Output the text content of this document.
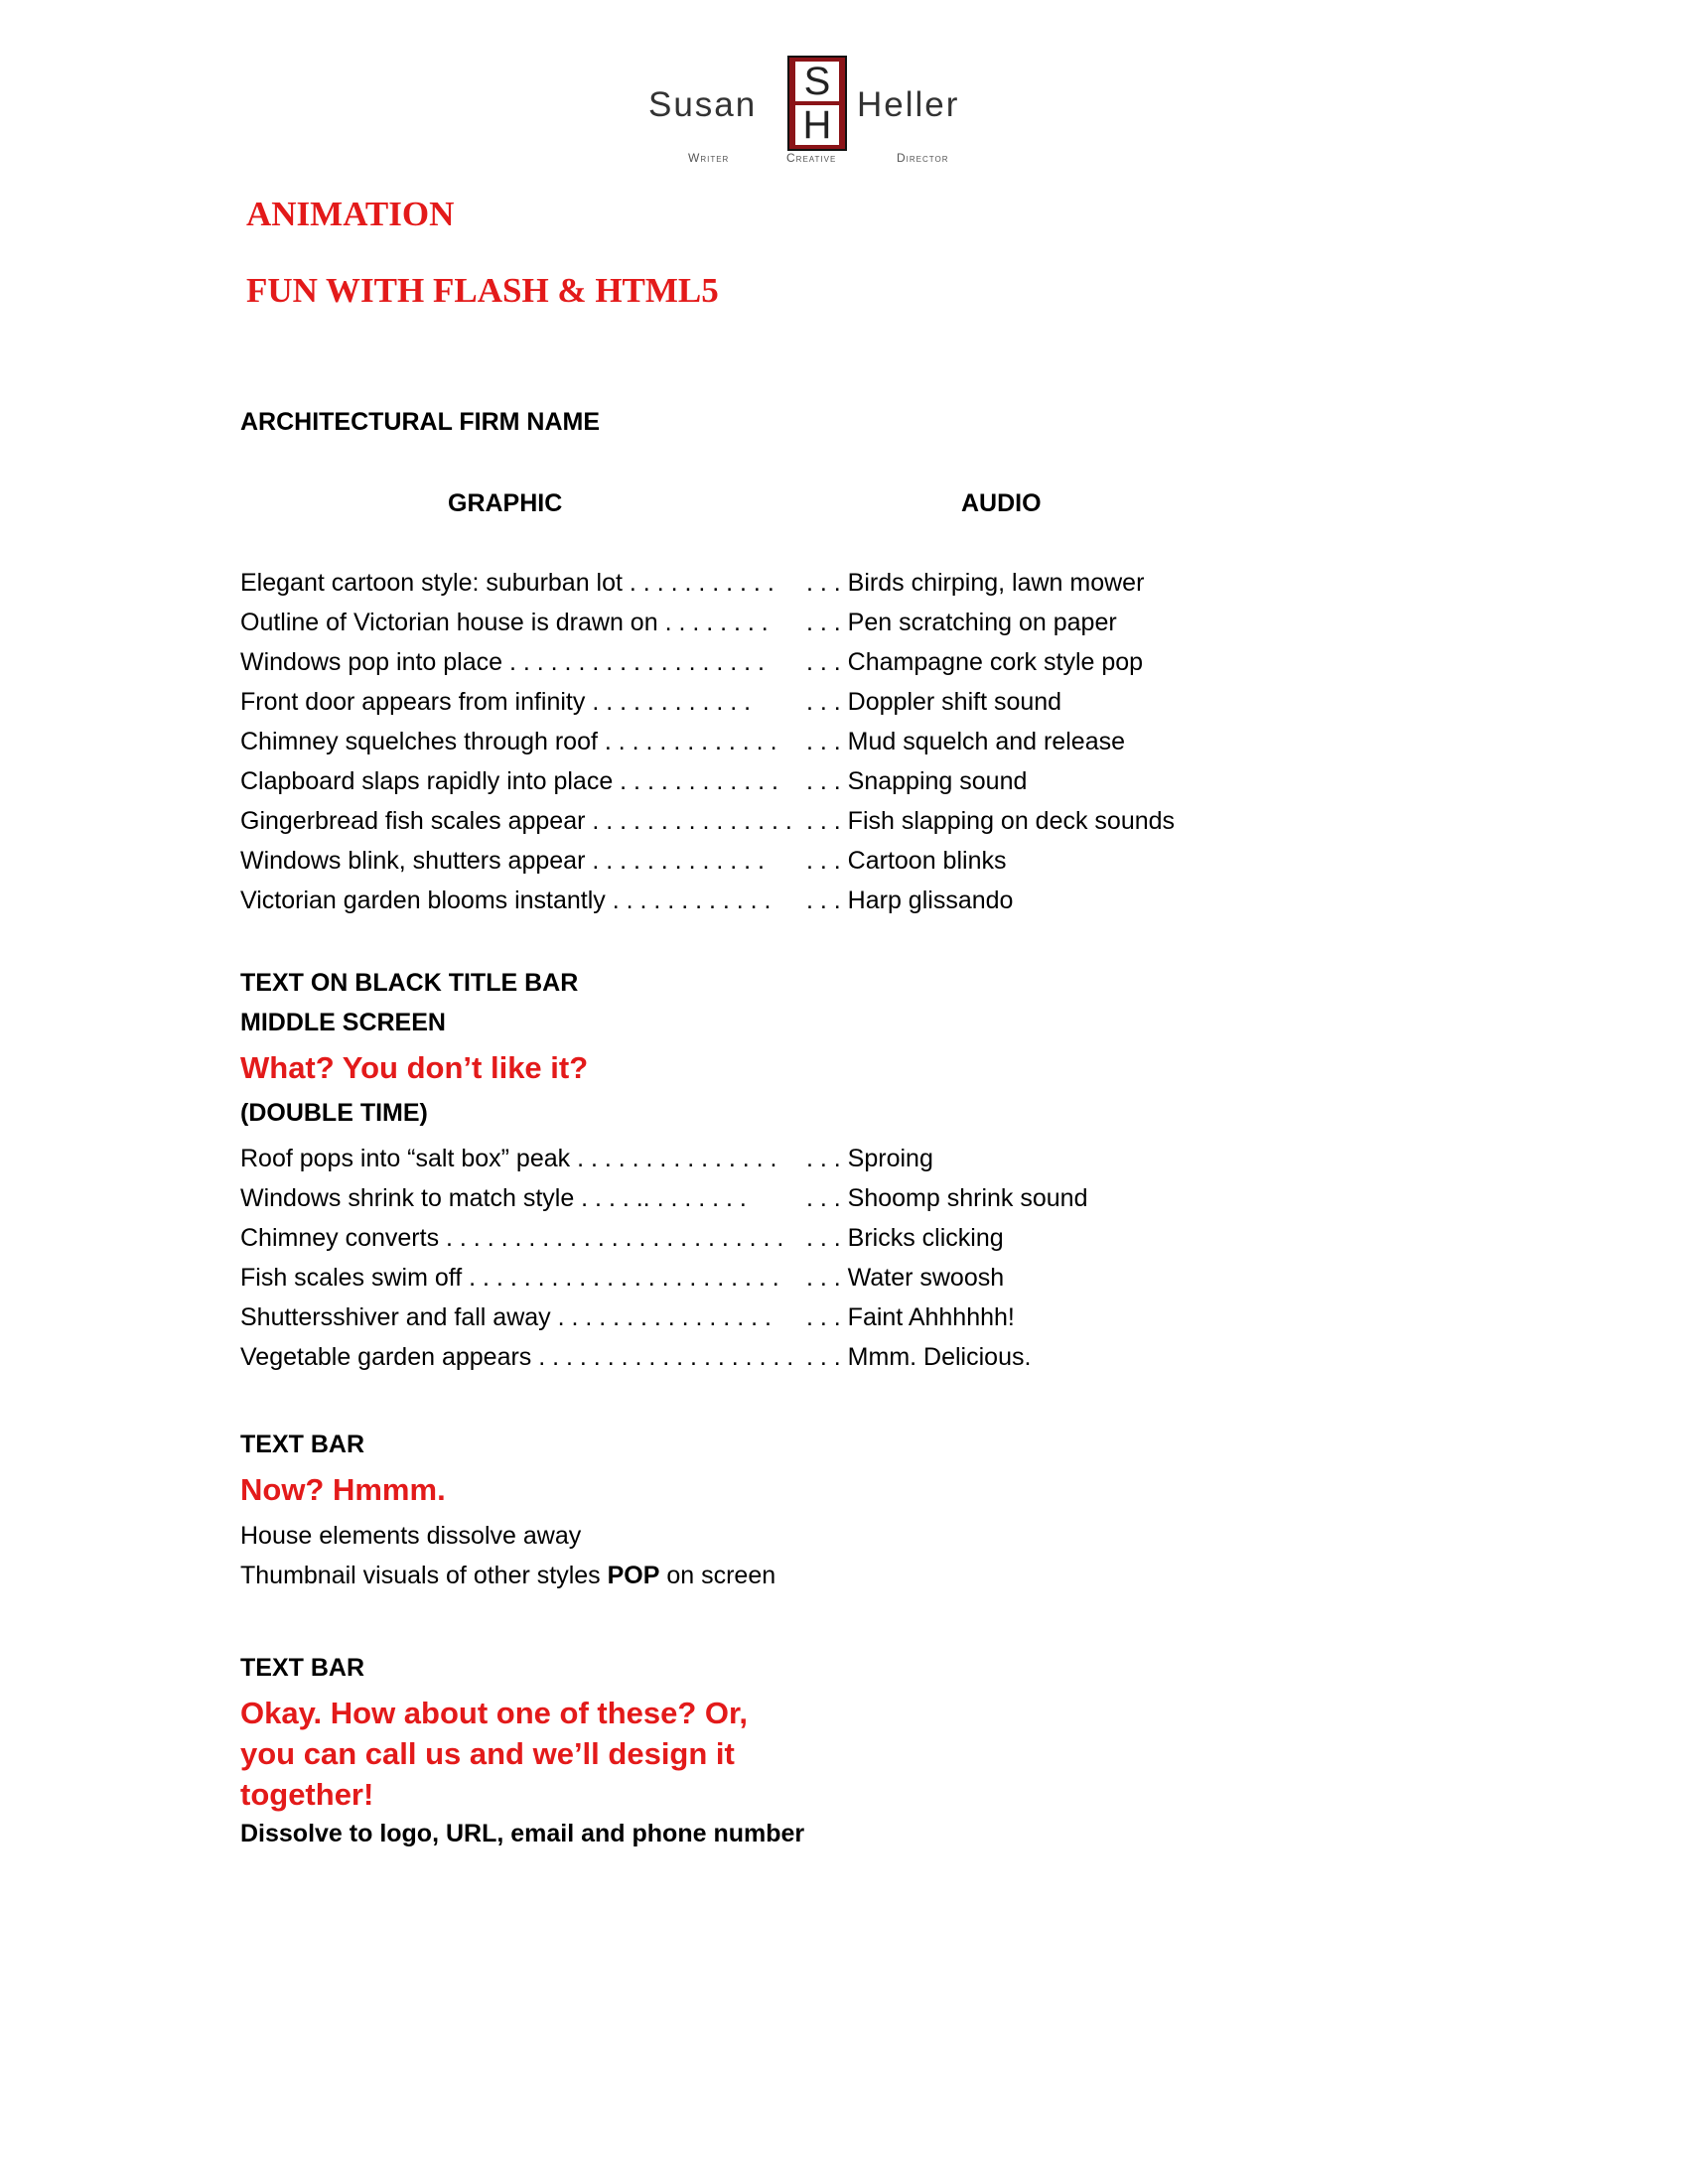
Susan
S
H Heller
Writer	Creative	Director
ANIMATION
FUN WITH FLASH & HTML5
ARCHITECTURAL FIRM NAME
GRAPHIC	AUDIO
Elegant cartoon style: suburban lot . . . . . . . . . . . . . . Birds chirping, lawn mower
Outline of Victorian house is drawn on . . . . . . . . . . . Pen scratching on paper
Windows pop into place . . . . . . . . . . . . . . . . . . . . . . Champagne cork style pop
Front door appears from infinity . . . . . . . . . . . . . . . Doppler shift sound
Chimney squelches through roof . . . . . . . . . . . . . . . . Mud squelch and release
Clapboard slaps rapidly into place . . . . . . . . . . . . . . . Snapping sound
Gingerbread fish scales appear . . . . . . . . . . . . . . . . . . Fish slapping on deck sounds
Windows blink, shutters appear . . . . . . . . . . . . . . . . Cartoon blinks
Victorian garden blooms instantly . . . . . . . . . . . . . . . Harp glissando
TEXT ON BLACK TITLE BAR
MIDDLE SCREEN
What? You don’t like it?
(DOUBLE TIME)
Roof pops into “salt box” peak . . . . . . . . . . . . . . . . . . Sproing
Windows shrink to match style . . . . .. . . . . . . . . . . Shoomp shrink sound
Chimney converts . . . . . . . . . . . . . . . . . . . . . . . . . . . . Bricks clicking
Fish scales swim off . . . . . . . . . . . . . . . . . . . . . . . . . . Water swoosh
Shuttersshiver and fall away . . . . . . . . . . . . . . . . . . . Faint Ahhhhhh!
Vegetable garden appears . . . . . . . . . . . . . . . . . . . . . . Mmm. Delicious.
TEXT BAR
Now? Hmmm.
House elements dissolve away
Thumbnail visuals of other styles POP on screen
TEXT BAR
Okay. How about one of these? Or,
you can call us and we’ll design it
together!
Dissolve to logo, URL, email and phone number
